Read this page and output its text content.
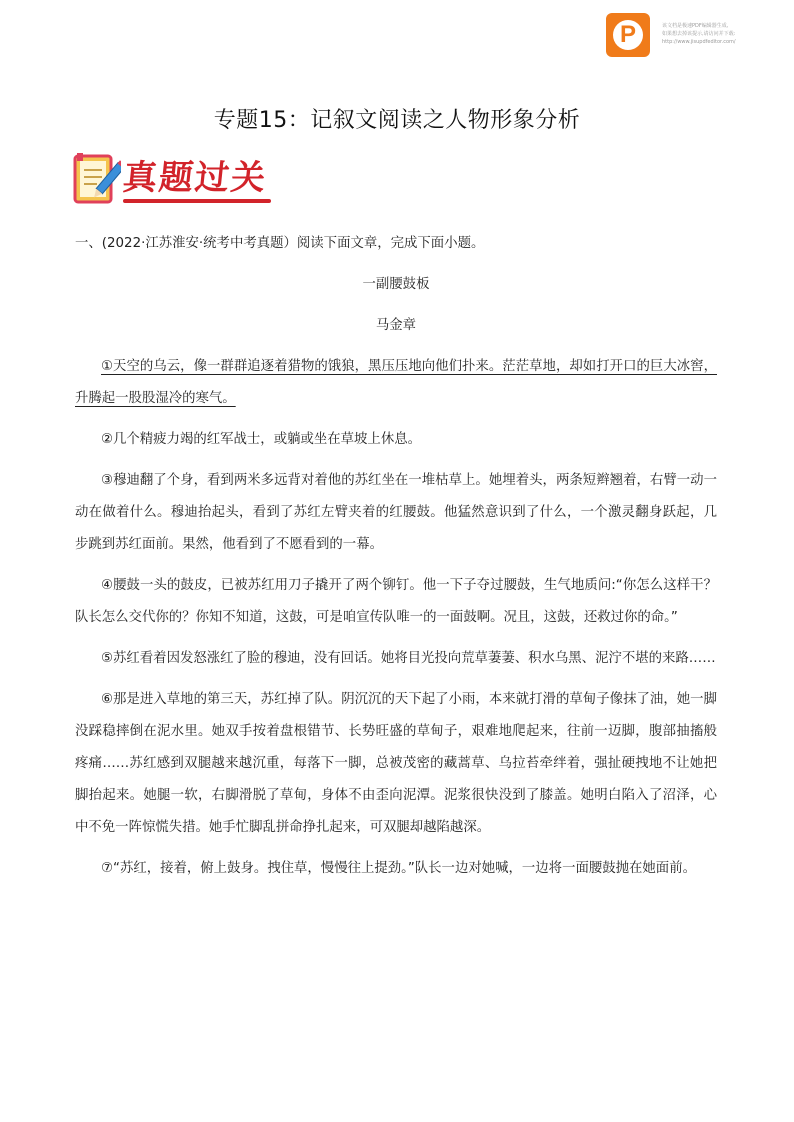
P	该文档是极速PDF编辑器生成,
如果想去掉该提示,请访问并下载:
http://www.jisupdfeditor.com/
专题15：记叙文阅读之人物形象分析
真题过关

一、(2022·江苏淮安·统考中考真题）阅读下面文章，完成下面小题。

一副腰鼓板

马金章

①天空的乌云，像一群群追逐着猎物的饿狼，黑压压地向他们扑来。茫茫草地，却如打开口的巨大冰窖，升腾起一股股湿冷的寒气。

②几个精疲力竭的红军战士，或躺或坐在草坡上休息。

③穆迪翻了个身，看到两米多远背对着他的苏红坐在一堆枯草上。她埋着头，两条短辫翘着，右臂一动一动在做着什么。穆迪抬起头，看到了苏红左臂夹着的红腰鼓。他猛然意识到了什么，一个激灵翻身跃起，几步跳到苏红面前。果然，他看到了不愿看到的一幕。

④腰鼓一头的鼓皮，已被苏红用刀子撬开了两个铆钉。他一下子夺过腰鼓，生气地质问:“你怎么这样干？队长怎么交代你的？你知不知道，这鼓，可是咱宣传队唯一的一面鼓啊。况且，这鼓，还救过你的命。”

⑤苏红看着因发怒涨红了脸的穆迪，没有回话。她将目光投向荒草萋萋、积水乌黑、泥泞不堪的来路……

⑥那是进入草地的第三天，苏红掉了队。阴沉沉的天下起了小雨，本来就打滑的草甸子像抹了油，她一脚没踩稳摔倒在泥水里。她双手按着盘根错节、长势旺盛的草甸子，艰难地爬起来，往前一迈脚，腹部抽搐般疼痛……苏红感到双腿越来越沉重，每落下一脚，总被茂密的藏蒿草、乌拉苔牵绊着，强扯硬拽地不让她把脚抬起来。她腿一软，右脚滑脱了草甸，身体不由歪向泥潭。泥浆很快没到了膝盖。她明白陷入了沼泽，心中不免一阵惊慌失措。她手忙脚乱拼命挣扎起来，可双腿却越陷越深。

⑦“苏红，接着，俯上鼓身。拽住草，慢慢往上提劲。”队长一边对她喊，一边将一面腰鼓抛在她面前。
